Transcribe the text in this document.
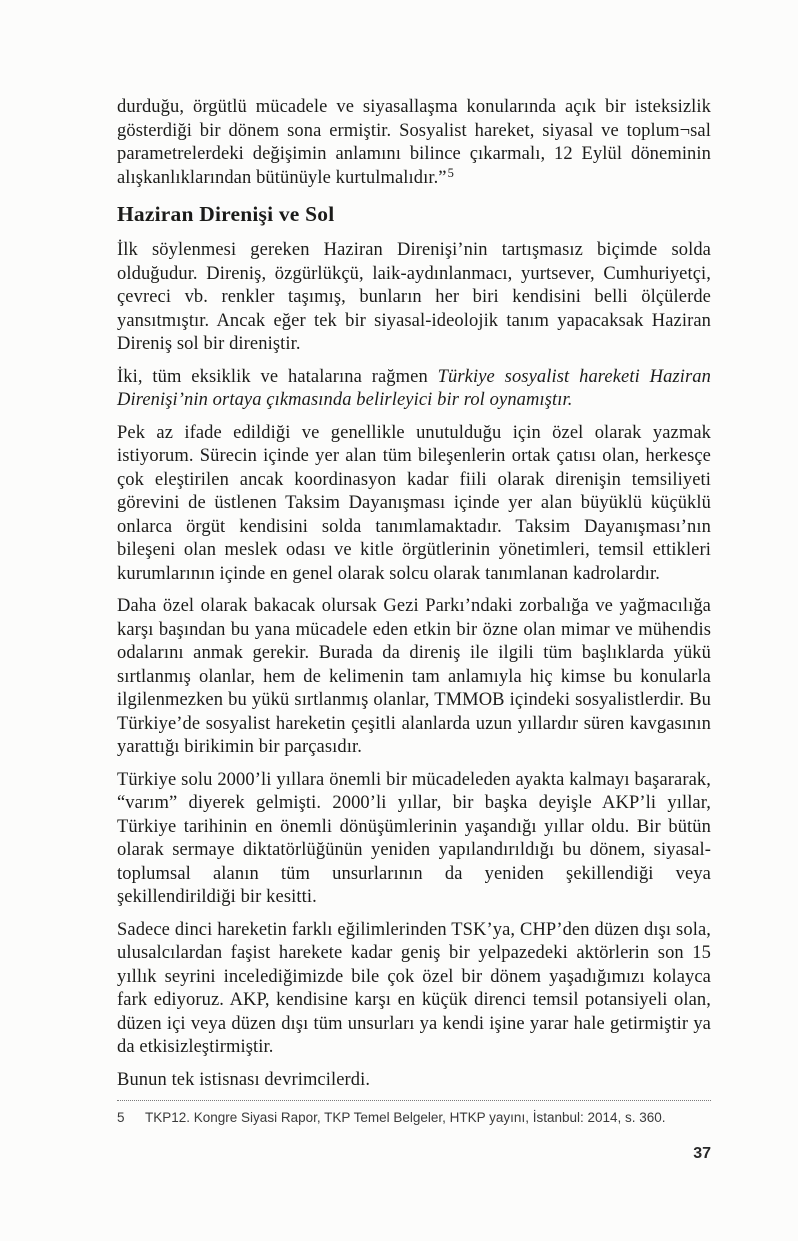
durduğu, örgütlü mücadele ve siyasallaşma konularında açık bir isteksizlik gösterdiği bir dönem sona ermiştir. Sosyalist hareket, siyasal ve toplum¬sal parametrelerdeki değişimin anlamını bilince çıkarmalı, 12 Eylül döneminin alışkanlıklarından bütünüyle kurtulmalıdır.”$^5$

Haziran Direnişi ve Sol

İlk söylenmesi gereken Haziran Direnişi’nin tartışmasız biçimde solda olduğudur. Direniş, özgürlükçü, laik-aydınlanmacı, yurtsever, Cumhuriyetçi, çevreci vb. renkler taşımış, bunların her biri kendisini belli ölçülerde yansıtmıştır. Ancak eğer tek bir siyasal-ideolojik tanım yapacaksak Haziran Direniş sol bir direniştir.

İki, tüm eksiklik ve hatalarına rağmen Türkiye sosyalist hareketi Haziran Direnişi’nin ortaya çıkmasında belirleyici bir rol oynamıştır.

Pek az ifade edildiği ve genellikle unutulduğu için özel olarak yazmak istiyorum. Sürecin içinde yer alan tüm bileşenlerin ortak çatısı olan, herkesçe çok eleştirilen ancak koordinasyon kadar fiili olarak direnişin temsiliyeti görevini de üstlenen Taksim Dayanışması içinde yer alan büyüklü küçüklü onlarca örgüt kendisini solda tanımlamaktadır. Taksim Dayanışması’nın bileşeni olan meslek odası ve kitle örgütlerinin yönetimleri, temsil ettikleri kurumlarının içinde en genel olarak solcu olarak tanımlanan kadrolardır.

Daha özel olarak bakacak olursak Gezi Parkı’ndaki zorbalığa ve yağmacılığa karşı başından bu yana mücadele eden etkin bir özne olan mimar ve mühendis odalarını anmak gerekir. Burada da direniş ile ilgili tüm başlıklarda yükü sırtlanmış olanlar, hem de kelimenin tam anlamıyla hiç kimse bu konularla ilgilenmezken bu yükü sırtlanmış olanlar, TMMOB içindeki sosyalistlerdir. Bu Türkiye’de sosyalist hareketin çeşitli alanlarda uzun yıllardır süren kavgasının yarattığı birikimin bir parçasıdır.

Türkiye solu 2000’li yıllara önemli bir mücadeleden ayakta kalmayı başararak, “varım” diyerek gelmişti. 2000’li yıllar, bir başka deyişle AKP’li yıllar, Türkiye tarihinin en önemli dönüşümlerinin yaşandığı yıllar oldu. Bir bütün olarak sermaye diktatörlüğünün yeniden yapılandırıldığı bu dönem, siyasal-toplumsal alanın tüm unsurlarının da yeniden şekillendiği veya şekillendirildiği bir kesitti.

Sadece dinci hareketin farklı eğilimlerinden TSK’ya, CHP’den düzen dışı sola, ulusalcılardan faşist harekete kadar geniş bir yelpazedeki aktörlerin son 15 yıllık seyrini incelediğimizde bile çok özel bir dönem yaşadığımızı kolayca fark ediyoruz. AKP, kendisine karşı en küçük direnci temsil potansiyeli olan, düzen içi veya düzen dışı tüm unsurları ya kendi işine yarar hale getirmiştir ya da etkisizleştirmiştir.

Bunun tek istisnası devrimcilerdi.

5	TKP12. Kongre Siyasi Rapor, TKP Temel Belgeler, HTKP yayını, İstanbul: 2014, s. 360.
37
